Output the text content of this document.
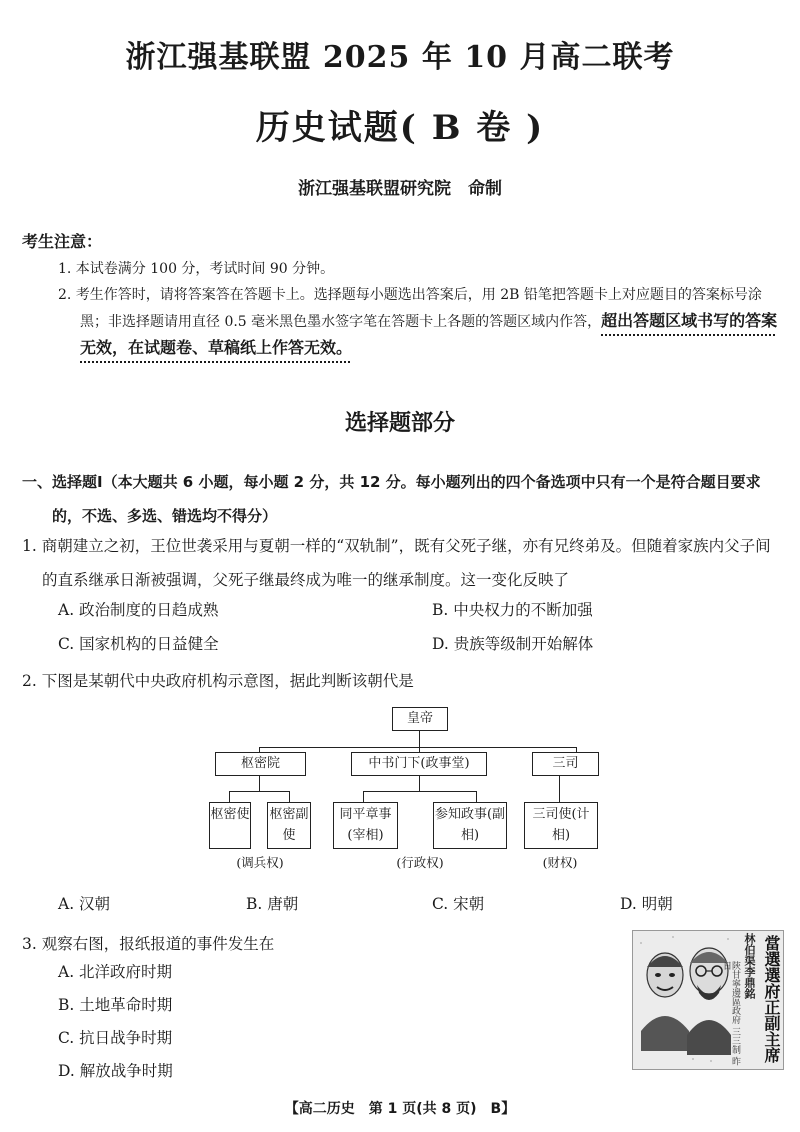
浙江强基联盟 2025 年 10 月高二联考
历史试题( B 卷 )
浙江强基联盟研究院　命制
考生注意：
1. 本试卷满分 100 分，考试时间 90 分钟。
2. 考生作答时，请将答案答在答题卡上。选择题每小题选出答案后，用 2B 铅笔把答题卡上对应题目的答案标号涂黑；非选择题请用直径 0.5 毫米黑色墨水签字笔在答题卡上各题的答题区域内作答，超出答题区域书写的答案无效，在试题卷、草稿纸上作答无效。
选择题部分
一、选择题Ⅰ（本大题共 6 小题，每小题 2 分，共 12 分。每小题列出的四个备选项中只有一个是符合题目要求的，不选、多选、错选均不得分）
1. 商朝建立之初，王位世袭采用与夏朝一样的“双轨制”，既有父死子继，亦有兄终弟及。但随着家族内父子间的直系继承日渐被强调，父死子继最终成为唯一的继承制度。这一变化反映了
A. 政治制度的日趋成熟	B. 中央权力的不断加强
C. 国家机构的日益健全	D. 贵族等级制开始解体
2. 下图是某朝代中央政府机构示意图，据此判断该朝代是
皇帝
枢密院	中书门下(政事堂)	三司
枢密使 枢密副使
同平章事(宰相)
参知政事(副相)
三司使(计相)
(调兵权)	(行政权)	(财权)
A. 汉朝	B. 唐朝	C. 宋朝	D. 明朝
3. 观察右图，报纸报道的事件发生在
A. 北洋政府时期
B. 土地革命时期
C. 抗日战争时期
D. 解放战争时期
當選選府正副主席
林伯渠李鼎銘
陝甘寧邊區政府 三三制 昨日
【高二历史　第 1 页(共 8 页)　B】
